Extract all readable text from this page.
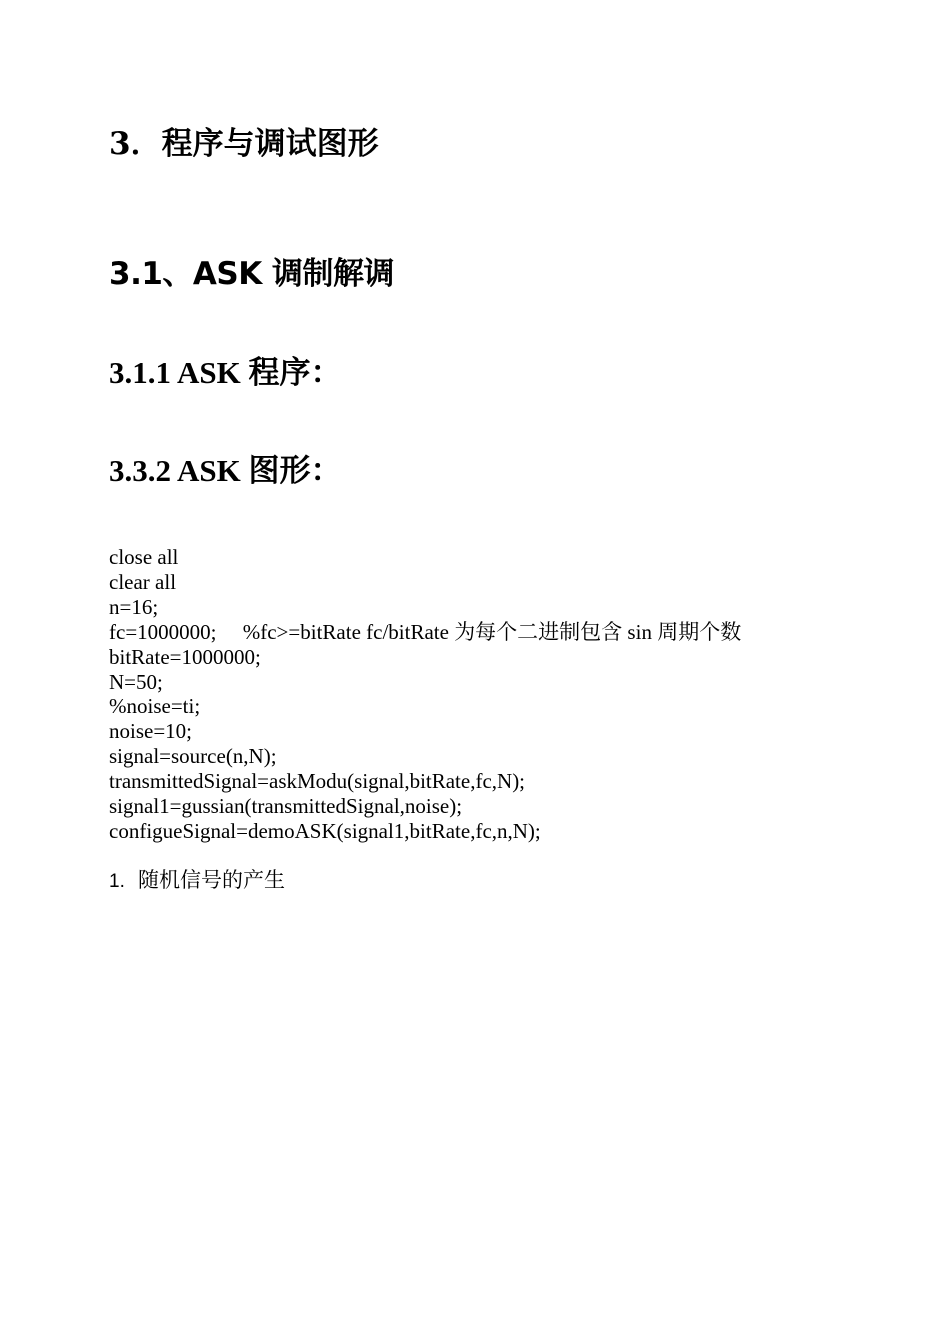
3．程序与调试图形
3.1、ASK 调制解调
3.1.1 ASK 程序：
3.3.2 ASK 图形：
close all
clear all
n=16;
fc=1000000;     %fc>=bitRate fc/bitRate 为每个二进制包含 sin 周期个数
bitRate=1000000;
N=50;
%noise=ti;
noise=10;
signal=source(n,N);
transmittedSignal=askModu(signal,bitRate,fc,N);
signal1=gussian(transmittedSignal,noise);
configueSignal=demoASK(signal1,bitRate,fc,n,N);

1. 随机信号的产生
